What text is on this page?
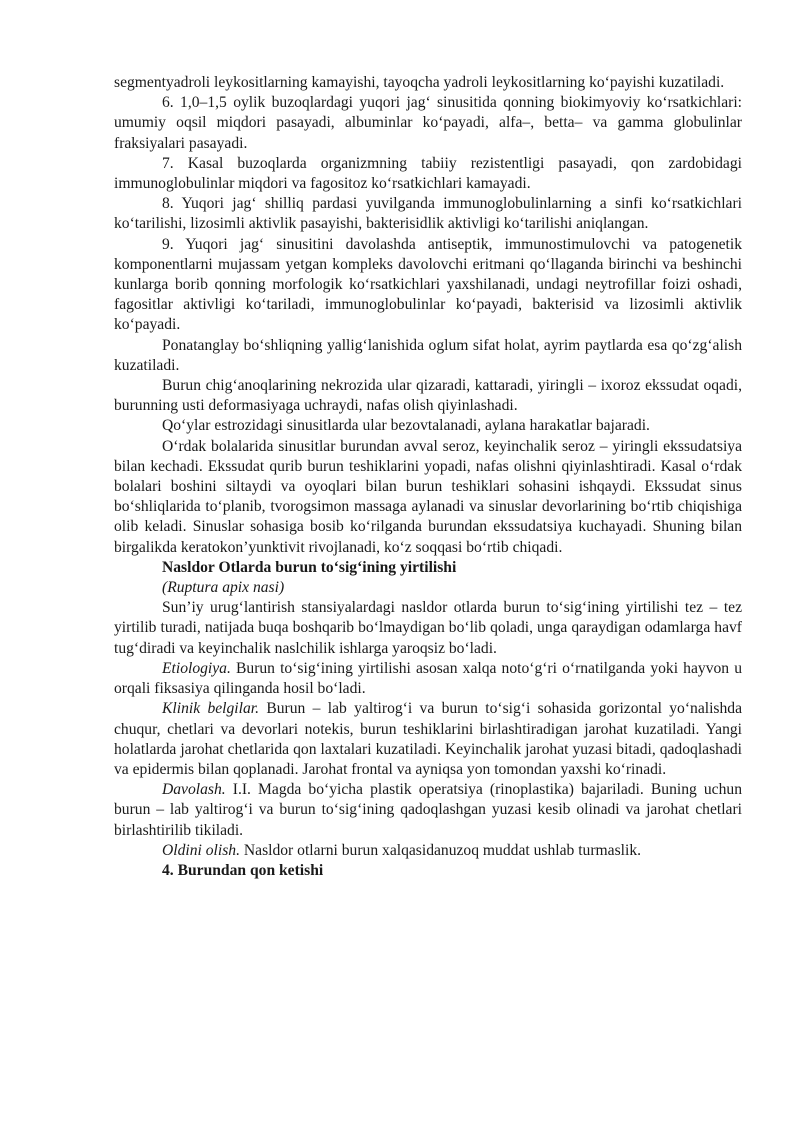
segmentyadroli leykositlarning kamayishi, tayoqcha yadroli leykositlarning koʻpayishi kuzatiladi.

6. 1,0–1,5 oylik buzoqlardagi yuqori jagʻ sinusitida qonning biokimyoviy koʻrsatkichlari: umumiy oqsil miqdori pasayadi, albuminlar koʻpayadi, alfa–, betta– va gamma globulinlar fraksiyalari pasayadi.

7. Kasal buzoqlarda organizmning tabiiy rezistentligi pasayadi, qon zardobidagi immunoglobulinlar miqdori va fagositoz koʻrsatkichlari kamayadi.

8. Yuqori jagʻ shilliq pardasi yuvilganda immunoglobulinlarning a sinfi koʻrsatkichlari koʻtarilishi, lizosimli aktivlik pasayishi, bakterisidlik aktivligi koʻtarilishi aniqlangan.

9. Yuqori jagʻ sinusitini davolashda antiseptik, immunostimulovchi va patogenetik komponentlarni mujassam yetgan kompleks davolovchi eritmani qoʻllaganda birinchi va beshinchi kunlarga borib qonning morfologik koʻrsatkichlari yaxshilanadi, undagi neytrofillar foizi oshadi, fagositlar aktivligi koʻtariladi, immunoglobulinlar koʻpayadi, bakterisid va lizosimli aktivlik koʻpayadi.

Ponatanglay boʻshliqning yalligʻlanishida oglum sifat holat, ayrim paytlarda esa qoʻzgʻalish kuzatiladi.

Burun chigʻanoqlarining nekrozida ular qizaradi, kattaradi, yiringli – ixoroz ekssudat oqadi, burunning usti deformasiyaga uchraydi, nafas olish qiyinlashadi.

Qoʻylar estrozidagi sinusitlarda ular bezovtalanadi, aylana harakatlar bajaradi.

Oʻrdak bolalarida sinusitlar burundan avval seroz, keyinchalik seroz – yiringli ekssudatsiya bilan kechadi. Ekssudat qurib burun teshiklarini yopadi, nafas olishni qiyinlashtiradi. Kasal oʻrdak bolalari boshini siltaydi va oyoqlari bilan burun teshiklari sohasini ishqaydi. Ekssudat sinus boʻshliqlarida toʻplanib, tvorogsimon massaga aylanadi va sinuslar devorlarining boʻrtib chiqishiga olib keladi. Sinuslar sohasiga bosib koʻrilganda burundan ekssudatsiya kuchayadi. Shuning bilan birgalikda keratokonʼyunktivit rivojlanadi, koʻz soqqasi boʻrtib chiqadi.

Nasldor Otlarda burun toʻsigʻining yirtilishi

(Ruptura apix nasi)

Sunʼiy urugʻlantirish stansiyalardagi nasldor otlarda burun toʻsigʻining yirtilishi tez – tez yirtilib turadi, natijada buqa boshqarib boʻlmaydigan boʻlib qoladi, unga qaraydigan odamlarga havf tugʻdiradi va keyinchalik naslchilik ishlarga yaroqsiz boʻladi.

Etiologiya. Burun toʻsigʻining yirtilishi asosan xalqa notoʻgʻri oʻrnatilganda yoki hayvon u orqali fiksasiya qilinganda hosil boʻladi.

Klinik belgilar. Burun – lab yaltirogʻi va burun toʻsigʻi sohasida gorizontal yoʻnalishda chuqur, chetlari va devorlari notekis, burun teshiklarini birlashtiradigan jarohat kuzatiladi. Yangi holatlarda jarohat chetlarida qon laxtalari kuzatiladi. Keyinchalik jarohat yuzasi bitadi, qadoqlashadi va epidermis bilan qoplanadi. Jarohat frontal va ayniqsa yon tomondan yaxshi koʻrinadi.

Davolash. I.I. Magda boʻyicha plastik operatsiya (rinoplastika) bajariladi. Buning uchun burun – lab yaltirogʻi va burun toʻsigʻining qadoqlashgan yuzasi kesib olinadi va jarohat chetlari birlashtirilib tikiladi.

Oldini olish. Nasldor otlarni burun xalqasidanuzoq muddat ushlab turmaslik.

4. Burundan qon ketishi
